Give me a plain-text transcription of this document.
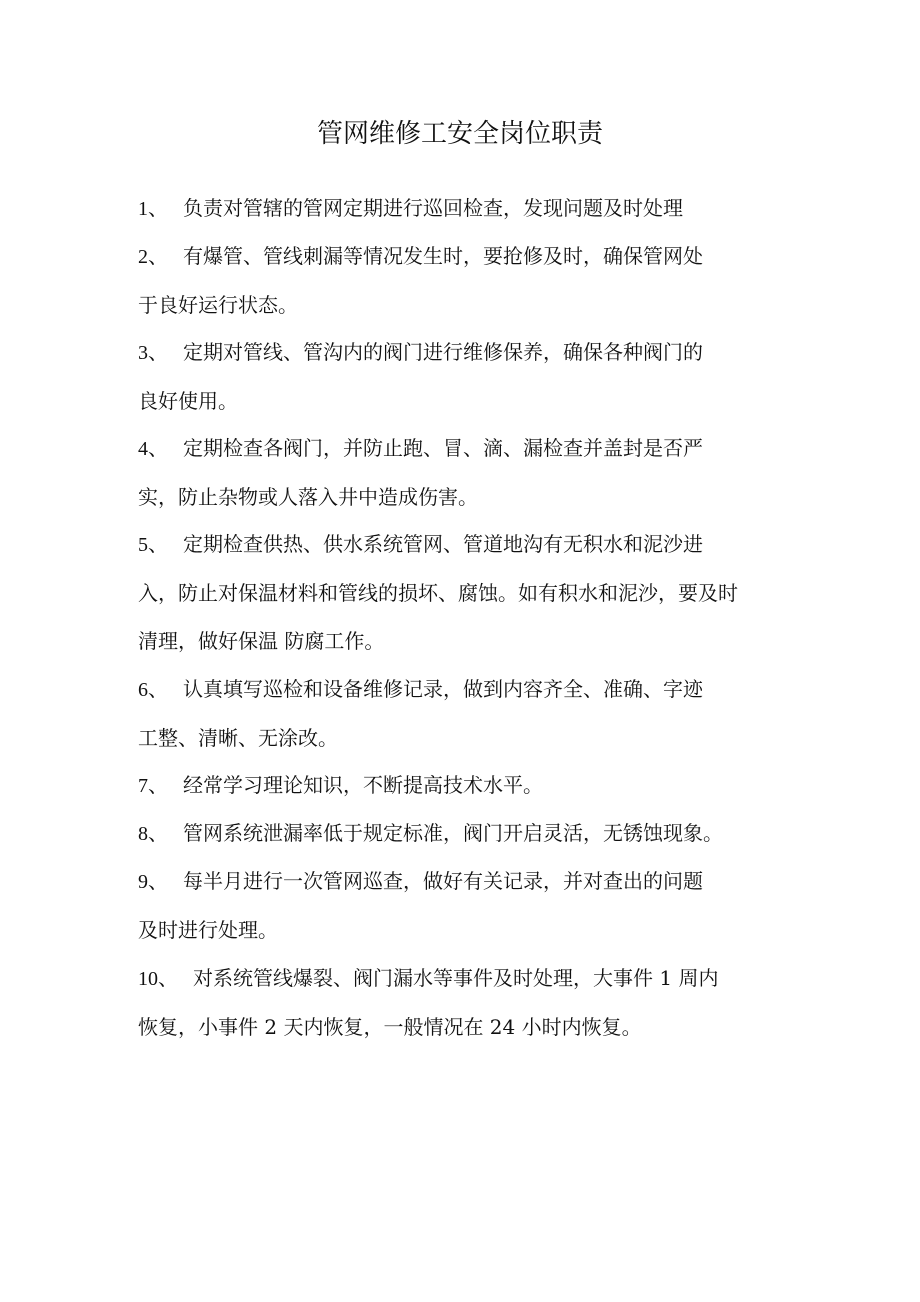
管网维修工安全岗位职责
1、 负责对管辖的管网定期进行巡回检查，发现问题及时处理
2、 有爆管、管线刺漏等情况发生时，要抢修及时，确保管网处
于良好运行状态。
3、 定期对管线、管沟内的阀门进行维修保养，确保各种阀门的
良好使用。
4、 定期检查各阀门，并防止跑、冒、滴、漏检查并盖封是否严
实，防止杂物或人落入井中造成伤害。
5、 定期检查供热、供水系统管网、管道地沟有无积水和泥沙进
入，防止对保温材料和管线的损坏、腐蚀。如有积水和泥沙，要及时
清理，做好保温 防腐工作。
6、 认真填写巡检和设备维修记录，做到内容齐全、准确、字迹
工整、清晰、无涂改。
7、 经常学习理论知识，不断提高技术水平。
8、 管网系统泄漏率低于规定标准，阀门开启灵活，无锈蚀现象。
9、 每半月进行一次管网巡查，做好有关记录，并对查出的问题
及时进行处理。
10、 对系统管线爆裂、阀门漏水等事件及时处理，大事件 1 周内
恢复，小事件 2 天内恢复，一般情况在 24 小时内恢复。
